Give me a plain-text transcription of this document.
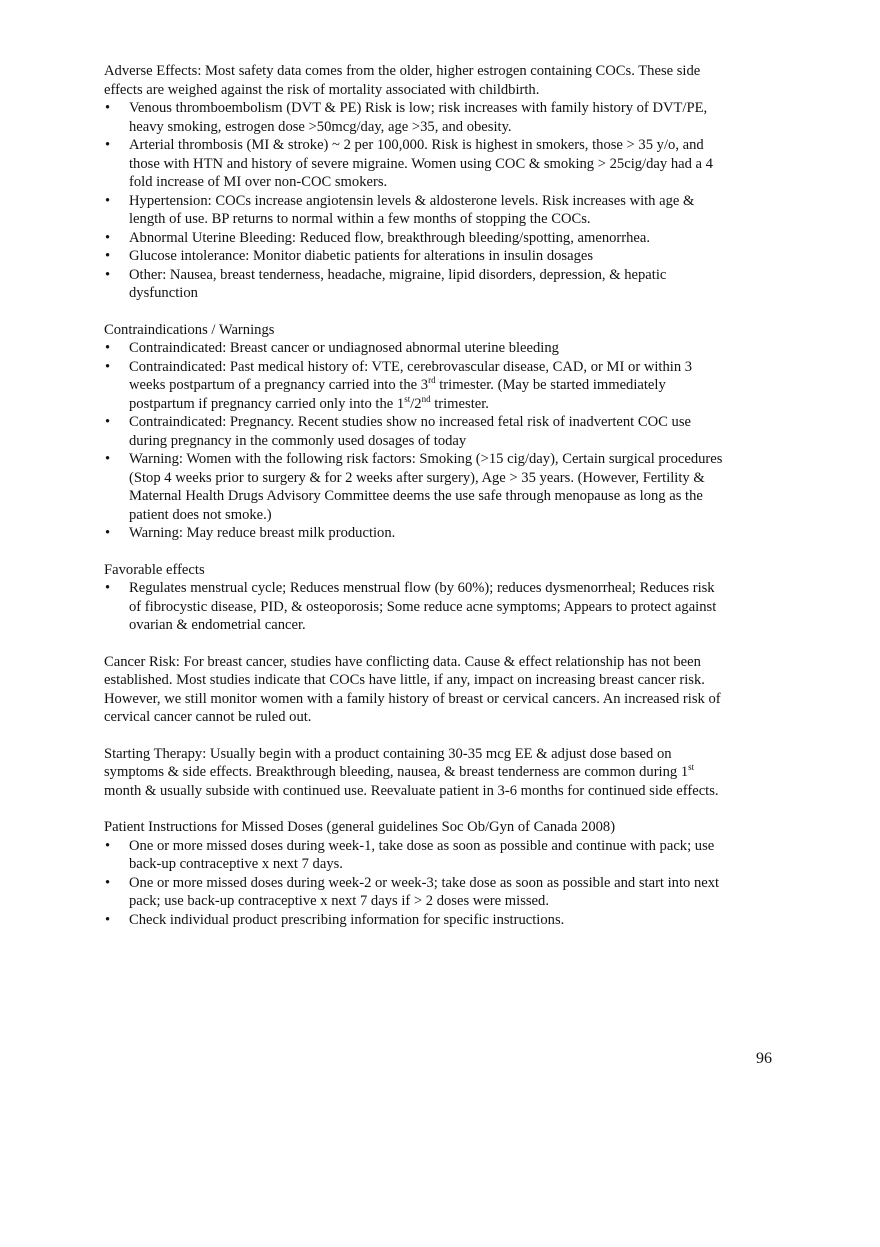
Adverse Effects: Most safety data comes from the older, higher estrogen containing COCs. These side effects are weighed against the risk of mortality associated with childbirth.

• Venous thromboembolism (DVT & PE) Risk is low; risk increases with family history of DVT/PE, heavy smoking, estrogen dose >50mcg/day, age >35, and obesity.
• Arterial thrombosis (MI & stroke) ~ 2 per 100,000. Risk is highest in smokers, those > 35 y/o, and those with HTN and history of severe migraine. Women using COC & smoking > 25cig/day had a 4 fold increase of MI over non-COC smokers.
• Hypertension: COCs increase angiotensin levels & aldosterone levels. Risk increases with age & length of use. BP returns to normal within a few months of stopping the COCs.
• Abnormal Uterine Bleeding: Reduced flow, breakthrough bleeding/spotting, amenorrhea.
• Glucose intolerance: Monitor diabetic patients for alterations in insulin dosages
• Other: Nausea, breast tenderness, headache, migraine, lipid disorders, depression, & hepatic dysfunction

Contraindications / Warnings

• Contraindicated: Breast cancer or undiagnosed abnormal uterine bleeding
• Contraindicated: Past medical history of: VTE, cerebrovascular disease, CAD, or MI or within 3 weeks postpartum of a pregnancy carried into the 3rd trimester. (May be started immediately postpartum if pregnancy carried only into the 1st/2nd trimester.
• Contraindicated: Pregnancy. Recent studies show no increased fetal risk of inadvertent COC use during pregnancy in the commonly used dosages of today
• Warning: Women with the following risk factors: Smoking (>15 cig/day), Certain surgical procedures (Stop 4 weeks prior to surgery & for 2 weeks after surgery), Age > 35 years. (However, Fertility & Maternal Health Drugs Advisory Committee deems the use safe through menopause as long as the patient does not smoke.)
• Warning: May reduce breast milk production.

Favorable effects

• Regulates menstrual cycle; Reduces menstrual flow (by 60%); reduces dysmenorrheal; Reduces risk of fibrocystic disease, PID, & osteoporosis; Some reduce acne symptoms; Appears to protect against ovarian & endometrial cancer.

Cancer Risk: For breast cancer, studies have conflicting data. Cause & effect relationship has not been established. Most studies indicate that COCs have little, if any, impact on increasing breast cancer risk. However, we still monitor women with a family history of breast or cervical cancers. An increased risk of cervical cancer cannot be ruled out.

Starting Therapy: Usually begin with a product containing 30-35 mcg EE & adjust dose based on symptoms & side effects. Breakthrough bleeding, nausea, & breast tenderness are common during 1st month & usually subside with continued use. Reevaluate patient in 3-6 months for continued side effects.

Patient Instructions for Missed Doses (general guidelines Soc Ob/Gyn of Canada 2008)

• One or more missed doses during week-1, take dose as soon as possible and continue with pack; use back-up contraceptive x next 7 days.
• One or more missed doses during week-2 or week-3; take dose as soon as possible and start into next pack; use back-up contraceptive x next 7 days if > 2 doses were missed.
• Check individual product prescribing information for specific instructions.
96
